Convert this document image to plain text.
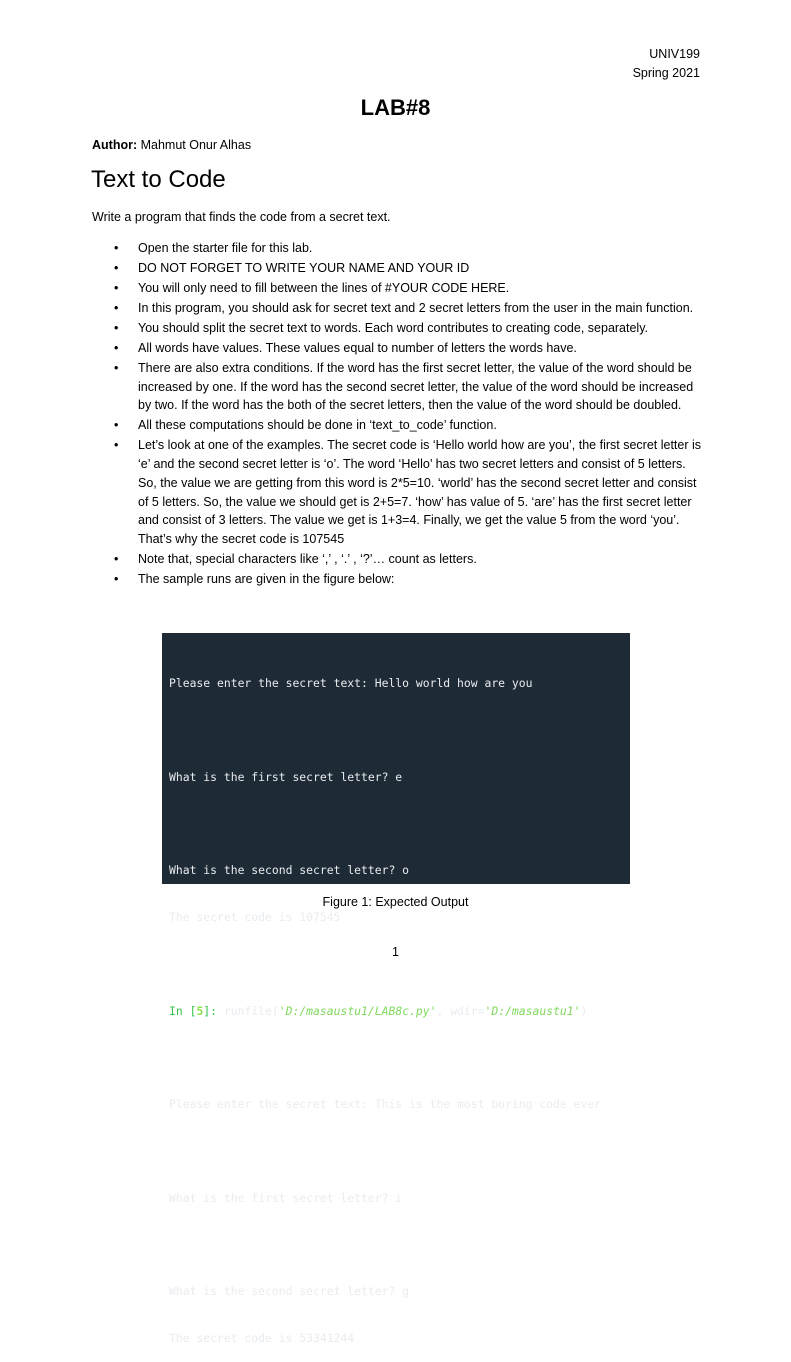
UNIV199
Spring 2021
LAB#8
Author: Mahmut Onur Alhas
Text to Code
Write a program that finds the code from a secret text.
• Open the starter file for this lab.
• DO NOT FORGET TO WRITE YOUR NAME AND YOUR ID
• You will only need to fill between the lines of #YOUR CODE HERE.
• In this program, you should ask for secret text and 2 secret letters from the user in the main function.
• You should split the secret text to words. Each word contributes to creating code, separately.
• All words have values. These values equal to number of letters the words have.
• There are also extra conditions. If the word has the first secret letter, the value of the word should be increased by one. If the word has the second secret letter, the value of the word should be increased by two. If the word has the both of the secret letters, then the value of the word should be doubled.
• All these computations should be done in ‘text_to_code’ function.
• Let’s look at one of the examples. The secret code is ‘Hello world how are you’, the first secret letter is ‘e’ and the second secret letter is ‘o’. The word ‘Hello’ has two secret letters and consist of 5 letters. So, the value we are getting from this word is 2*5=10. ‘world’ has the second secret letter and consist of 5 letters. So, the value we should get is 2+5=7. ‘how’ has value of 5. ‘are’ has the first secret letter and consist of 3 letters. The value we get is 1+3=4. Finally, we get the value 5 from the word ‘you’. That’s why the secret code is 107545
• Note that, special characters like ‘,’ , ‘.’ , ‘?’… count as letters.
• The sample runs are given in the figure below:

Please enter the secret text: Hello world how are you

What is the first secret letter? e

What is the second secret letter? o

The secret code is 107545

In [5]: runfile('D:/masaustu1/LAB8c.py', wdir='D:/masaustu1')

Please enter the secret text: This is the most boring code ever

What is the first secret letter? i

What is the second secret letter? g

The secret code is 53341244

Figure 1: Expected Output
1
